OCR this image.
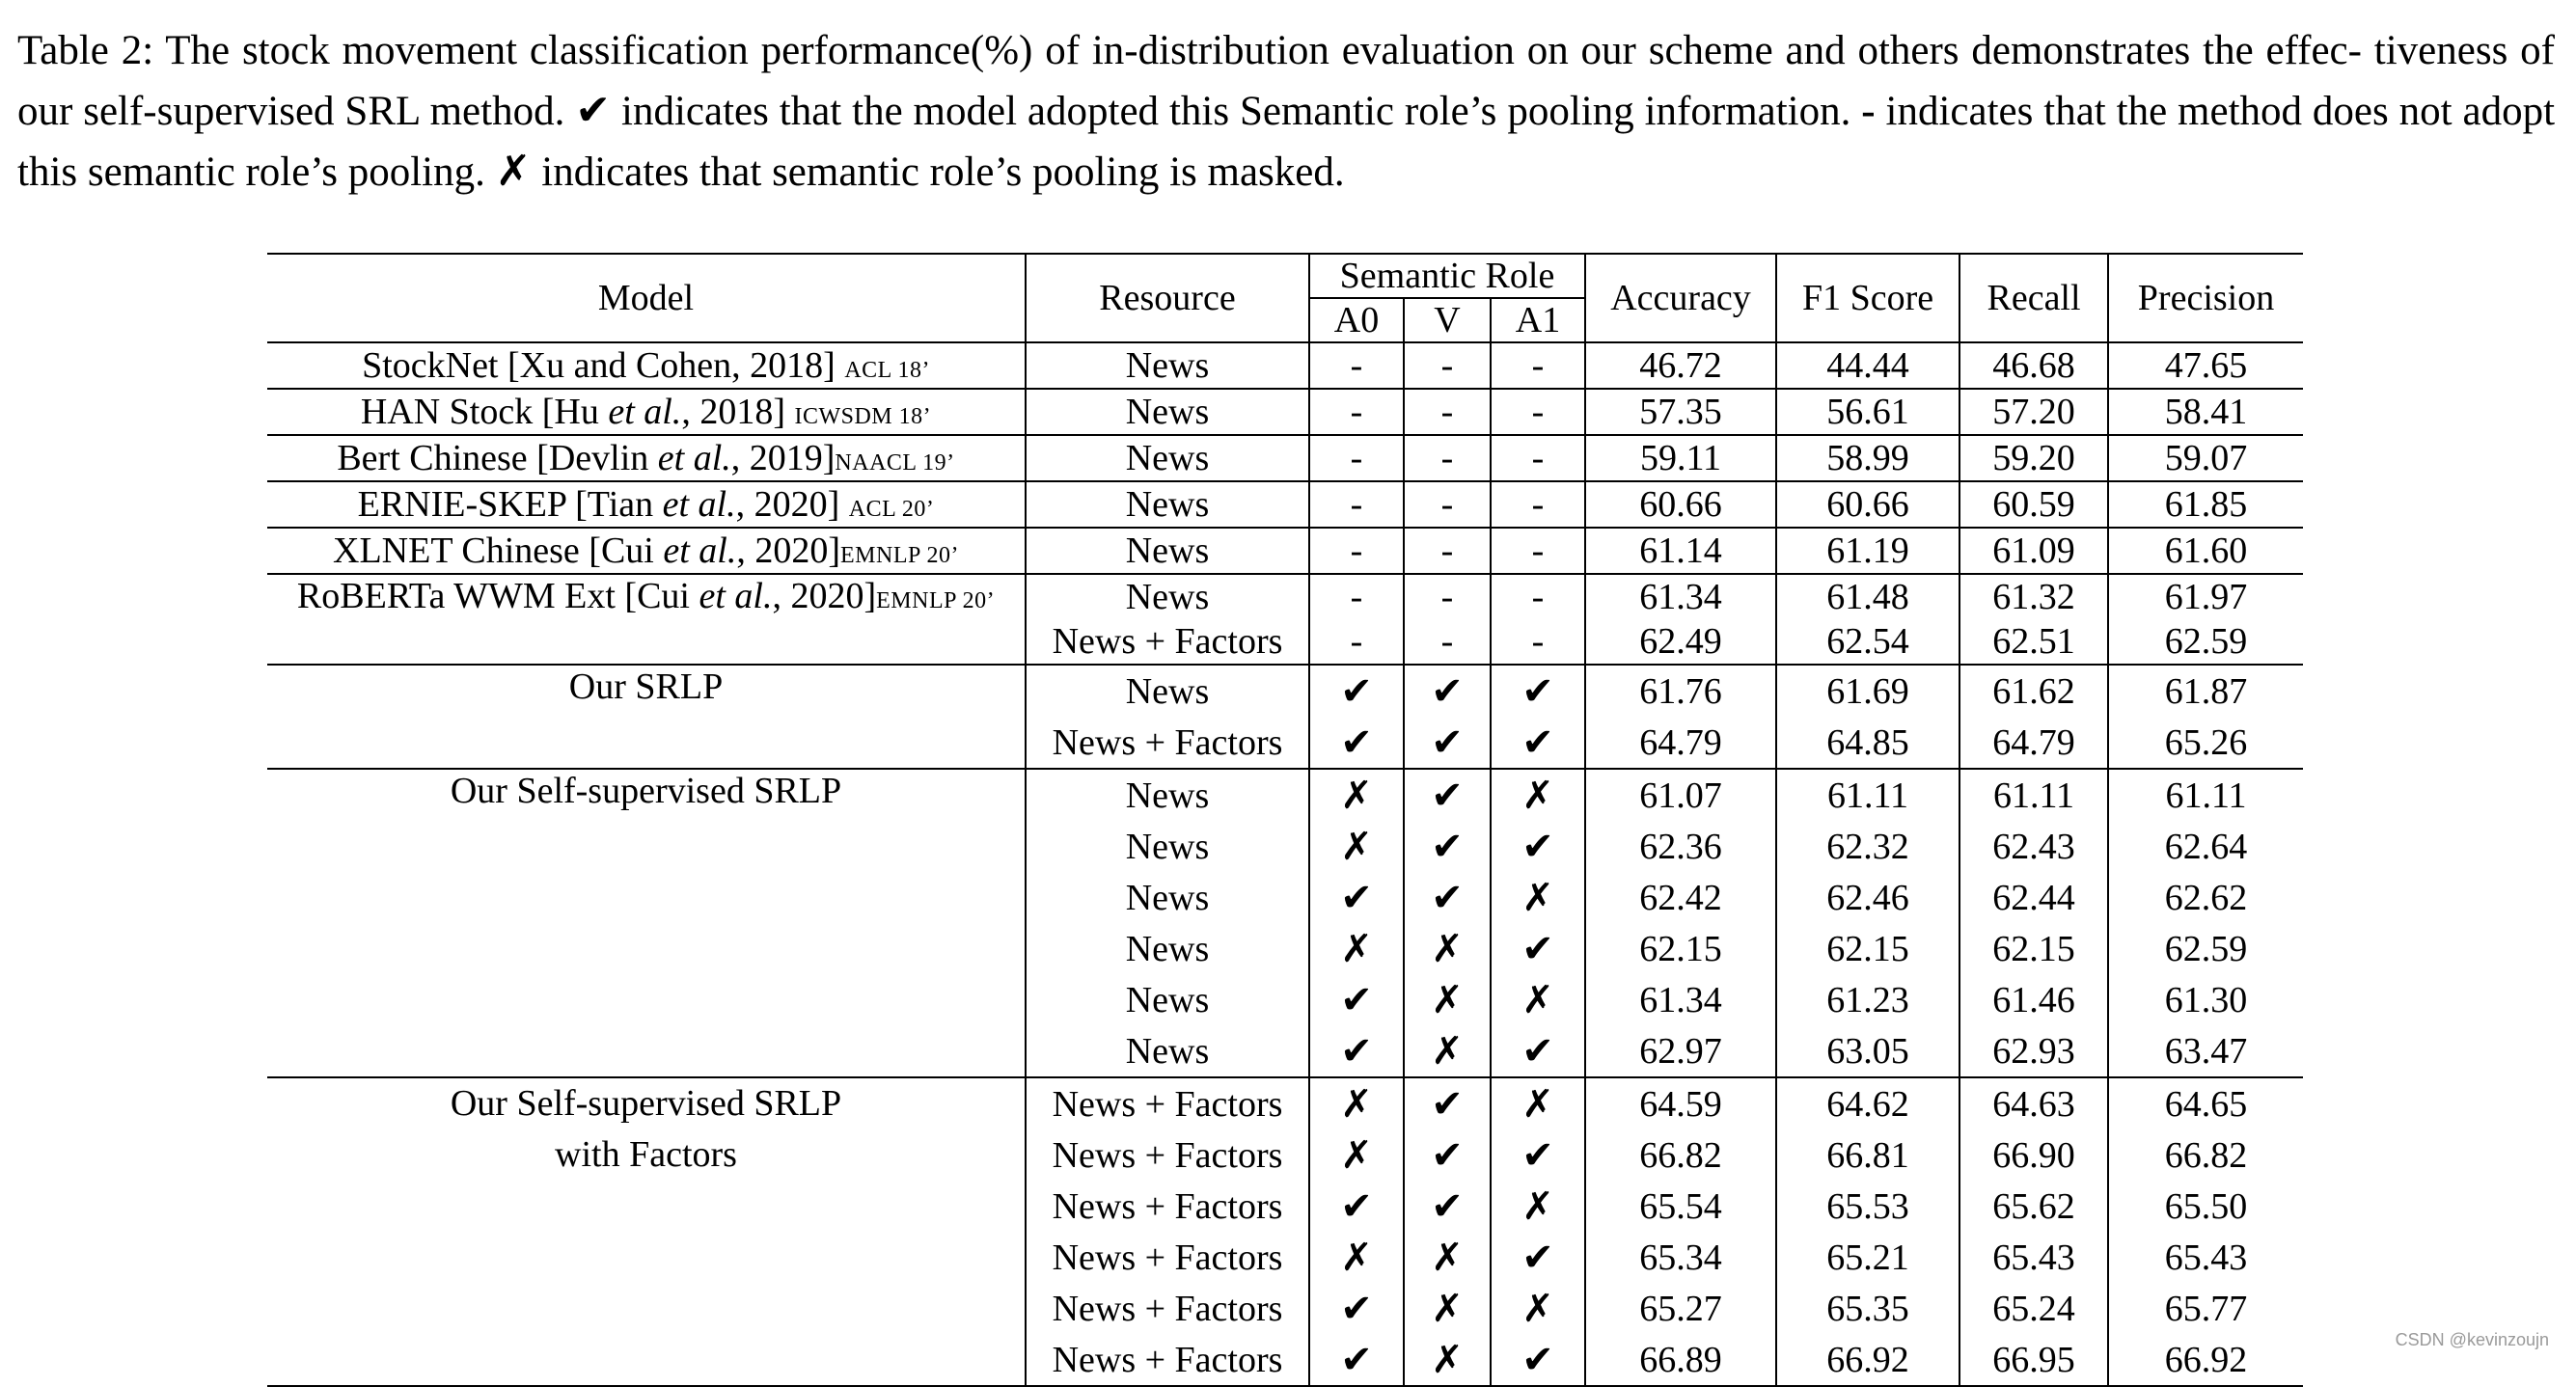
Table 2: The stock movement classification performance(%) of in-distribution evaluation on our scheme and others demonstrates the effec- tiveness of our self-supervised SRL method. ✔ indicates that the model adopted this Semantic role’s pooling information. - indicates that the method does not adopt this semantic role’s pooling. ✗ indicates that semantic role’s pooling is masked.
Model	Resource	Semantic Role			Accuracy	F1 Score	Recall	Precision
		A0	V	A1				
StockNet [Xu and Cohen, 2018] ACL 18’	News	-	-	-	46.72	44.44	46.68	47.65
HAN Stock [Hu et al., 2018] ICWSDM 18’	News	-	-	-	57.35	56.61	57.20	58.41
Bert Chinese [Devlin et al., 2019]NAACL 19’	News	-	-	-	59.11	58.99	59.20	59.07
ERNIE-SKEP [Tian et al., 2020] ACL 20’	News	-	-	-	60.66	60.66	60.59	61.85
XLNET Chinese [Cui et al., 2020]EMNLP 20’	News	-	-	-	61.14	61.19	61.09	61.60
RoBERTa WWM Ext [Cui et al., 2020]EMNLP 20’	News	-	-	-	61.34	61.48	61.32	61.97
	News + Factors	-	-	-	62.49	62.54	62.51	62.59
Our SRLP	News	✔	✔	✔	61.76	61.69	61.62	61.87
	News + Factors	✔	✔	✔	64.79	64.85	64.79	65.26
Our Self-supervised SRLP	News	✗	✔	✗	61.07	61.11	61.11	61.11
	News	✗	✔	✔	62.36	62.32	62.43	62.64
	News	✔	✔	✗	62.42	62.46	62.44	62.62
	News	✗	✗	✔	62.15	62.15	62.15	62.59
	News	✔	✗	✗	61.34	61.23	61.46	61.30
	News	✔	✗	✔	62.97	63.05	62.93	63.47

Our Self-supervised SRLP
with Factors	News + Factors	✗	✔	✗	64.59	64.62	64.63	64.65
	News + Factors	✗	✔	✔	66.82	66.81	66.90	66.82
	News + Factors	✔	✔	✗	65.54	65.53	65.62	65.50
	News + Factors	✗	✗	✔	65.34	65.21	65.43	65.43
	News + Factors	✔	✗	✗	65.27	65.35	65.24	65.77
	News + Factors	✔	✗	✔	66.89	66.92	66.95	66.92	CSDN @kevinzoujn
